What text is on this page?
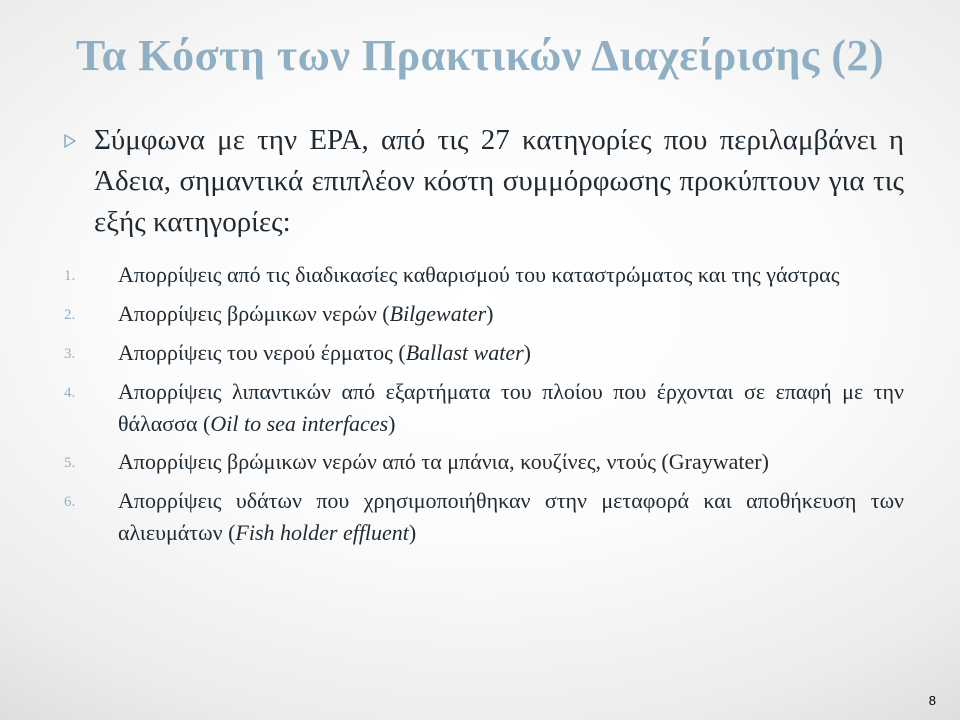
Τα Κόστη των Πρακτικών Διαχείρισης (2)
Σύμφωνα με την EPA, από τις 27 κατηγορίες που περιλαμβάνει η Άδεια, σημαντικά επιπλέον κόστη συμμόρφωσης προκύπτουν για τις εξής κατηγορίες:
1.	Απορρίψεις από τις διαδικασίες καθαρισμού του καταστρώματος και της γάστρας
2.	Απορρίψεις βρώμικων νερών (Bilgewater)
3.	Απορρίψεις του νερού έρματος (Ballast water)
4.	Απορρίψεις λιπαντικών από εξαρτήματα του πλοίου που έρχονται σε επαφή με την θάλασσα (Oil to sea interfaces)
5.	Απορρίψεις βρώμικων νερών από τα μπάνια, κουζίνες, ντούς (Graywater)
6.	Απορρίψεις υδάτων που χρησιμοποιήθηκαν στην μεταφορά και αποθήκευση των αλιευμάτων (Fish holder effluent)
8
